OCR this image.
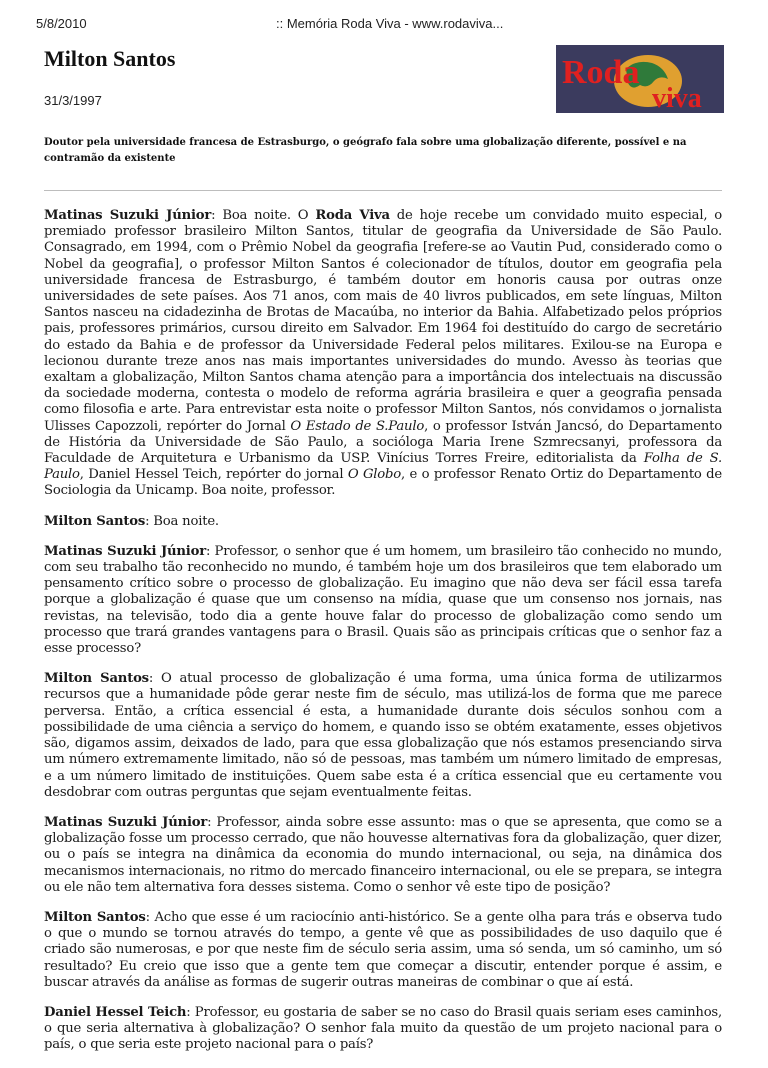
5/8/2010	:: Memória Roda Viva - www.rodaviva...
Milton Santos
31/3/1997
Roda
viva

Doutor pela universidade francesa de Estrasburgo, o geógrafo fala sobre uma globalização diferente, possível e na contramão da existente

Matinas Suzuki Júnior: Boa noite. O Roda Viva de hoje recebe um convidado muito especial, o premiado professor brasileiro Milton Santos, titular de geografia da Universidade de São Paulo. Consagrado, em 1994, com o Prêmio Nobel da geografia [refere-se ao Vautin Pud, considerado como o Nobel da geografia], o professor Milton Santos é colecionador de títulos, doutor em geografia pela universidade francesa de Estrasburgo, é também doutor em honoris causa por outras onze universidades de sete países. Aos 71 anos, com mais de 40 livros publicados, em sete línguas, Milton Santos nasceu na cidadezinha de Brotas de Macaúba, no interior da Bahia. Alfabetizado pelos próprios pais, professores primários, cursou direito em Salvador. Em 1964 foi destituído do cargo de secretário do estado da Bahia e de professor da Universidade Federal pelos militares. Exilou-se na Europa e lecionou durante treze anos nas mais importantes universidades do mundo. Avesso às teorias que exaltam a globalização, Milton Santos chama atenção para a importância dos intelectuais na discussão da sociedade moderna, contesta o modelo de reforma agrária brasileira e quer a geografia pensada como filosofia e arte. Para entrevistar esta noite o professor Milton Santos, nós convidamos o jornalista Ulisses Capozzoli, repórter do Jornal O Estado de S.Paulo, o professor István Jancsó, do Departamento de História da Universidade de São Paulo, a socióloga Maria Irene Szmrecsanyi, professora da Faculdade de Arquitetura e Urbanismo da USP. Vinícius Torres Freire, editorialista da Folha de S. Paulo, Daniel Hessel Teich, repórter do jornal O Globo, e o professor Renato Ortiz do Departamento de Sociologia da Unicamp. Boa noite, professor.

Milton Santos: Boa noite.

Matinas Suzuki Júnior: Professor, o senhor que é um homem, um brasileiro tão conhecido no mundo, com seu trabalho tão reconhecido no mundo, é também hoje um dos brasileiros que tem elaborado um pensamento crítico sobre o processo de globalização. Eu imagino que não deva ser fácil essa tarefa porque a globalização é quase que um consenso na mídia, quase que um consenso nos jornais, nas revistas, na televisão, todo dia a gente houve falar do processo de globalização como sendo um processo que trará grandes vantagens para o Brasil. Quais são as principais críticas que o senhor faz a esse processo?

Milton Santos: O atual processo de globalização é uma forma, uma única forma de utilizarmos recursos que a humanidade pôde gerar neste fim de século, mas utilizá-los de forma que me parece perversa. Então, a crítica essencial é esta, a humanidade durante dois séculos sonhou com a possibilidade de uma ciência a serviço do homem, e quando isso se obtém exatamente, esses objetivos são, digamos assim, deixados de lado, para que essa globalização que nós estamos presenciando sirva um número extremamente limitado, não só de pessoas, mas também um número limitado de empresas, e a um número limitado de instituições. Quem sabe esta é a crítica essencial que eu certamente vou desdobrar com outras perguntas que sejam eventualmente feitas.

Matinas Suzuki Júnior: Professor, ainda sobre esse assunto: mas o que se apresenta, que como se a globalização fosse um processo cerrado, que não houvesse alternativas fora da globalização, quer dizer, ou o país se integra na dinâmica da economia do mundo internacional, ou seja, na dinâmica dos mecanismos internacionais, no ritmo do mercado financeiro internacional, ou ele se prepara, se integra ou ele não tem alternativa fora desses sistema. Como o senhor vê este tipo de posição?

Milton Santos: Acho que esse é um raciocínio anti-histórico. Se a gente olha para trás e observa tudo o que o mundo se tornou através do tempo, a gente vê que as possibilidades de uso daquilo que é criado são numerosas, e por que neste fim de século seria assim, uma só senda, um só caminho, um só resultado? Eu creio que isso que a gente tem que começar a discutir, entender porque é assim, e buscar através da análise as formas de sugerir outras maneiras de combinar o que aí está.

Daniel Hessel Teich: Professor, eu gostaria de saber se no caso do Brasil quais seriam eses caminhos, o que seria alternativa à globalização? O senhor fala muito da questão de um projeto nacional para o país, o que seria este projeto nacional para o país?
